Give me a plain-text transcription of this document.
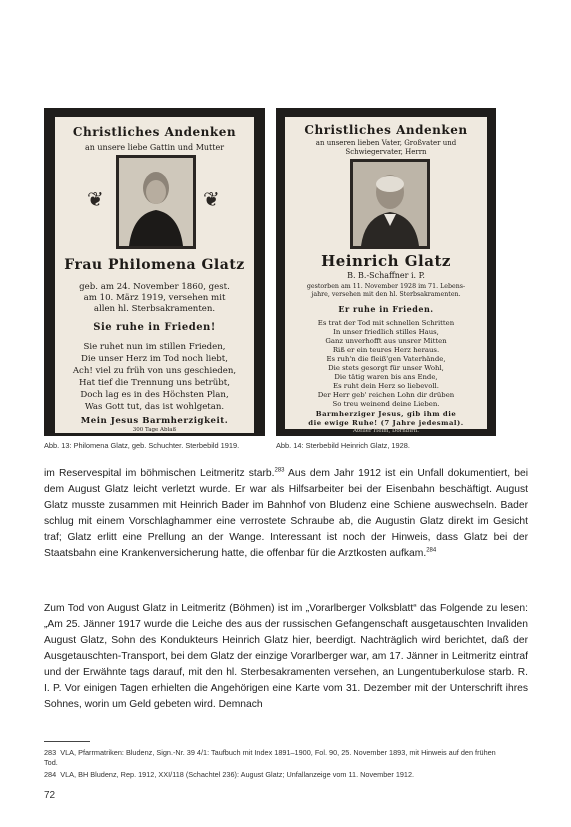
Christliches Andenken
an unsere liebe Gattin und Mutter
❦	❦
Frau Philomena Glatz
geb. am 24. November 1860, gest.
am 10. März 1919, versehen mit
allen hl. Sterbsakramenten.
Sie ruhe in Frieden!
Sie ruhet nun im stillen Frieden,
Die unser Herz im Tod noch liebt,
Ach! viel zu früh von uns geschieden,
Hat tief die Trennung uns betrübt,
Doch lag es in des Höchsten Plan,
Was Gott tut, das ist wohlgetan.
Mein Jesus Barmherzigkeit.
300 Tage Ablaß
Christliches Andenken
an unseren lieben Vater, Großvater und
Schwiegervater, Herrn
Heinrich Glatz
B. B.-Schaffner i. P.
gestorben am 11. November 1928 im 71. Lebens-
jahre, versehen mit den hl. Sterbsakramenten.
Er ruhe in Frieden.
Es trat der Tod mit schnellen Schritten
In unser friedlich stilles Haus,
Ganz unverhofft aus unsrer Mitten
Riß er ein teures Herz heraus.
Es ruh'n die fleiß'gen Vaterhände,
Die stets gesorgt für unser Wohl,
Die tätig waren bis ans Ende,
Es ruht dein Herz so liebevoll.
Der Herr geb' reichen Lohn dir drüben
So treu weinend deine Lieben.
Barmherziger Jesus, gib ihm die
die ewige Ruhe! (7 Jahre jedesmal).
Atelier Heim, Dornbirn.
Abb. 13: Philomena Glatz, geb. Schuchter. Sterbebild 1919.	Abb. 14: Sterbebild Heinrich Glatz, 1928.

im Reservespital im böhmischen Leitmeritz starb.$^{283}$ Aus dem Jahr 1912 ist ein Unfall dokumentiert, bei dem August Glatz leicht verletzt wurde. Er war als Hilfsarbeiter bei der Eisenbahn beschäftigt. August Glatz musste zusammen mit Heinrich Bader im Bahnhof von Bludenz eine Schiene auswechseln. Bader schlug mit einem Vorschlaghammer eine verrostete Schraube ab, die Augustin Glatz direkt im Gesicht traf; Glatz erlitt eine Prellung an der Wange. Interessant ist noch der Hinweis, dass Glatz bei der Staatsbahn eine Krankenversicherung hatte, die offenbar für die Arztkosten aufkam.$^{284}$

Zum Tod von August Glatz in Leitmeritz (Böhmen) ist im „Vorarlberger Volksblatt“ das Folgende zu lesen: „Am 25. Jänner 1917 wurde die Leiche des aus der russischen Gefangenschaft ausgetauschten Invaliden August Glatz, Sohn des Kondukteurs Heinrich Glatz hier, beerdigt. Nachträglich wird berichtet, daß der Ausgetauschten-Transport, bei dem Glatz der einzige Vorarlberger war, am 17. Jänner in Leitmeritz eintraf und der Erwähnte tags darauf, mit den hl. Sterbesakramenten versehen, an Lungentuberkulose starb. R. I. P. Vor einigen Tagen erhielten die Angehörigen eine Karte vom 31. Dezember mit der Unterschrift ihres Sohnes, worin um Geld gebeten wird. Demnach

283 VLA, Pfarrmatriken: Bludenz, Sign.-Nr. 39 4/1: Taufbuch mit Index 1891–1900, Fol. 90, 25. November 1893, mit Hinweis auf den frühen Tod.
284 VLA, BH Bludenz, Rep. 1912, XXI/118 (Schachtel 236): August Glatz; Unfallanzeige vom 11. November 1912.
72
